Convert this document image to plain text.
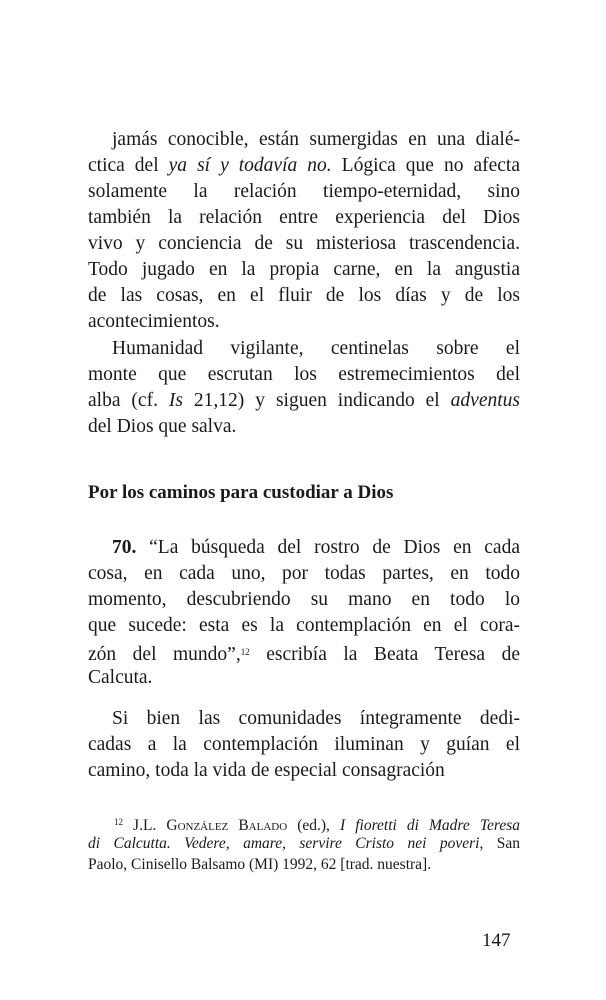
jamás conocible, están sumergidas en una dialé-
ctica del ya sí y todavía no. Lógica que no afecta
solamente la relación tiempo-eternidad, sino
también la relación entre experiencia del Dios
vivo y conciencia de su misteriosa trascendencia.
Todo jugado en la propia carne, en la angustia
de las cosas, en el fluir de los días y de los
acontecimientos.
Humanidad vigilante, centinelas sobre el
monte que escrutan los estremecimientos del
alba (cf. Is 21,12) y siguen indicando el adventus
del Dios que salva.
Por los caminos para custodiar a Dios
70. “La búsqueda del rostro de Dios en cada
cosa, en cada uno, por todas partes, en todo
momento, descubriendo su mano en todo lo
que sucede: esta es la contemplación en el cora-
zón del mundo”,$^{12}$ escribía la Beata Teresa de
Calcuta.
Si bien las comunidades íntegramente dedi-
cadas a la contemplación iluminan y guían el
camino, toda la vida de especial consagración
$^{12}$ J.L. González Balado (ed.), I fioretti di Madre Teresa
di Calcutta. Vedere, amare, servire Cristo nei poveri, San
Paolo, Cinisello Balsamo (MI) 1992, 62 [trad. nuestra].
147
